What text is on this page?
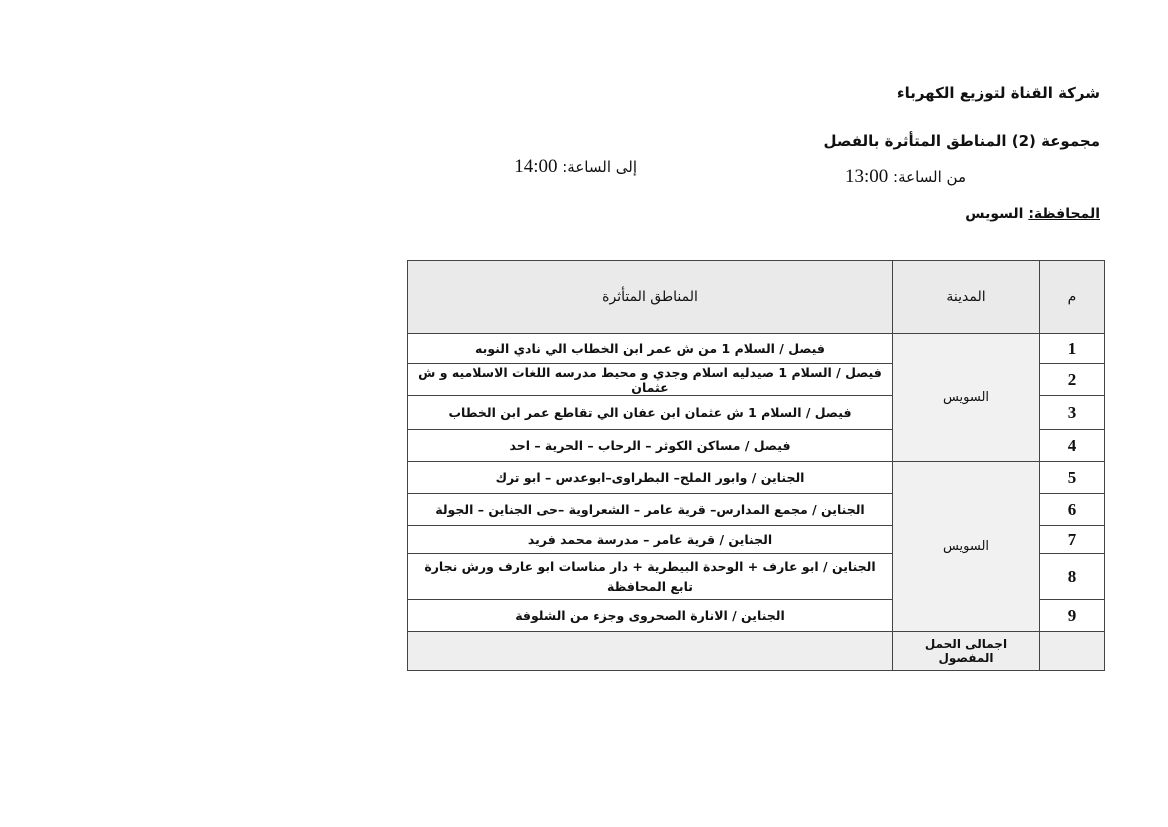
شركة القناة لتوزيع الكهرباء
مجموعة (2) المناطق المتأثرة بالفصل
من الساعة: 13:00
إلى الساعة: 14:00
المحافظة: السويس
م	المدينة	المناطق المتأثرة
1	السويس	فيصل / السلام 1 من ش عمر ابن الخطاب الي نادي النوبه
2		فيصل / السلام 1 صيدليه اسلام وجدي و محيط مدرسه اللغات الاسلاميه و ش عثمان
3		فيصل / السلام 1 ش عثمان ابن عفان الي تقاطع عمر ابن الخطاب
4		فيصل / مساكن الكوثر – الرحاب – الحرية – احد
5	السويس	الجناين / وابور الملح– البطراوى–ابوعدس – ابو ترك
6		الجناين / مجمع المدارس– قرية عامر – الشعراوية –حى الجناين – الجولة
7		الجناين / قرية عامر – مدرسة محمد فريد
8		الجناين / ابو عارف + الوحدة البيطرية + دار مناسات ابو عارف ورش نجارة تابع المحافظة
9		الجناين / الانارة الصحروى وجزء من الشلوفة
	اجمالى الحمل المفصول	
